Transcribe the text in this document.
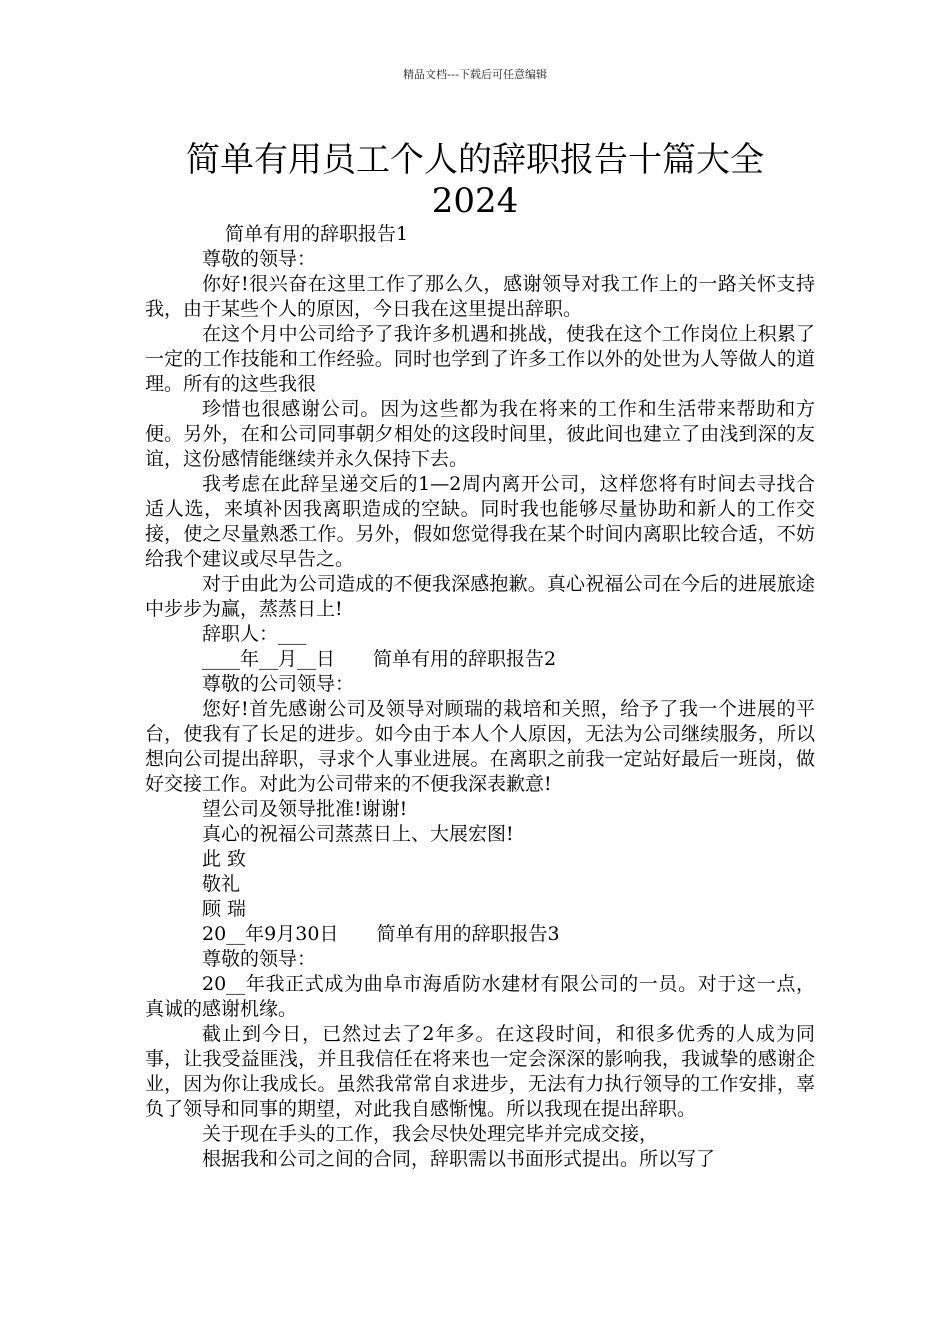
精品文档---下载后可任意编辑
简单有用员工个人的辞职报告十篇大全
2024

简单有用的辞职报告1

尊敬的领导：

你好!很兴奋在这里工作了那么久，感谢领导对我工作上的一路关怀支持我，由于某些个人的原因，今日我在这里提出辞职。

在这个月中公司给予了我许多机遇和挑战，使我在这个工作岗位上积累了一定的工作技能和工作经验。同时也学到了许多工作以外的处世为人等做人的道理。所有的这些我很

珍惜也很感谢公司。因为这些都为我在将来的工作和生活带来帮助和方便。另外，在和公司同事朝夕相处的这段时间里，彼此间也建立了由浅到深的友谊，这份感情能继续并永久保持下去。

我考虑在此辞呈递交后的1—2周内离开公司，这样您将有时间去寻找合适人选，来填补因我离职造成的空缺。同时我也能够尽量协助和新人的工作交接，使之尽量熟悉工作。另外，假如您觉得我在某个时间内离职比较合适，不妨给我个建议或尽早告之。

对于由此为公司造成的不便我深感抱歉。真心祝福公司在今后的进展旅途中步步为赢，蒸蒸日上!

辞职人：___

____年__月__日　　简单有用的辞职报告2

尊敬的公司领导：

您好!首先感谢公司及领导对顾瑞的栽培和关照，给予了我一个进展的平台，使我有了长足的进步。如今由于本人个人原因，无法为公司继续服务，所以想向公司提出辞职，寻求个人事业进展。在离职之前我一定站好最后一班岗，做好交接工作。对此为公司带来的不便我深表歉意!

望公司及领导批准!谢谢!

真心的祝福公司蒸蒸日上、大展宏图!

此 致

敬礼

顾 瑞

20__年9月30日　　简单有用的辞职报告3

尊敬的领导：

20__年我正式成为曲阜市海盾防水建材有限公司的一员。对于这一点，真诚的感谢机缘。

截止到今日，已然过去了2年多。在这段时间，和很多优秀的人成为同事，让我受益匪浅，并且我信任在将来也一定会深深的影响我，我诚挚的感谢企业，因为你让我成长。虽然我常常自求进步，无法有力执行领导的工作安排，辜负了领导和同事的期望，对此我自感惭愧。所以我现在提出辞职。

关于现在手头的工作，我会尽快处理完毕并完成交接，

根据我和公司之间的合同，辞职需以书面形式提出。所以写了
